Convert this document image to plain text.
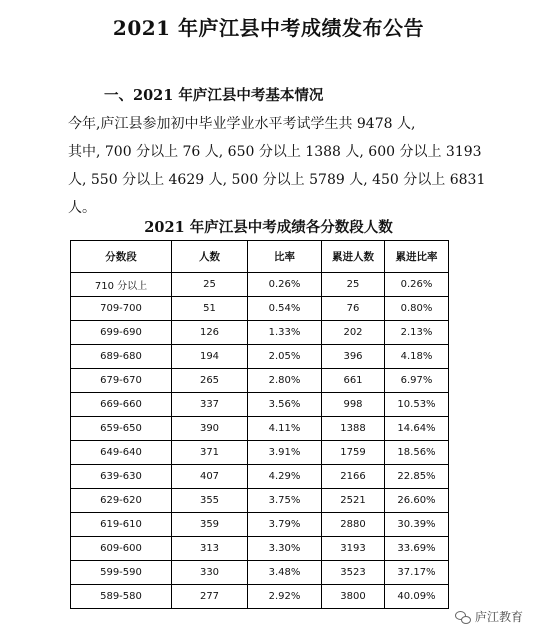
2021 年庐江县中考成绩发布公告
一、2021 年庐江县中考基本情况

今年,庐江县参加初中毕业学业水平考试学生共 9478 人,
其中, 700 分以上 76 人, 650 分以上 1388 人, 600 分以上 3193
人, 550 分以上 4629 人, 500 分以上 5789 人, 450 分以上 6831
人。

2021 年庐江县中考成绩各分数段人数
分数段	人数	比率	累进人数	累进比率
710 分以上	25	0.26%	25	0.26%
709-700	51	0.54%	76	0.80%
699-690	126	1.33%	202	2.13%
689-680	194	2.05%	396	4.18%
679-670	265	2.80%	661	6.97%
669-660	337	3.56%	998	10.53%
659-650	390	4.11%	1388	14.64%
649-640	371	3.91%	1759	18.56%
639-630	407	4.29%	2166	22.85%
629-620	355	3.75%	2521	26.60%
619-610	359	3.79%	2880	30.39%
609-600	313	3.30%	3193	33.69%
599-590	330	3.48%	3523	37.17%
589-580	277	2.92%	3800	40.09%
庐江教育
